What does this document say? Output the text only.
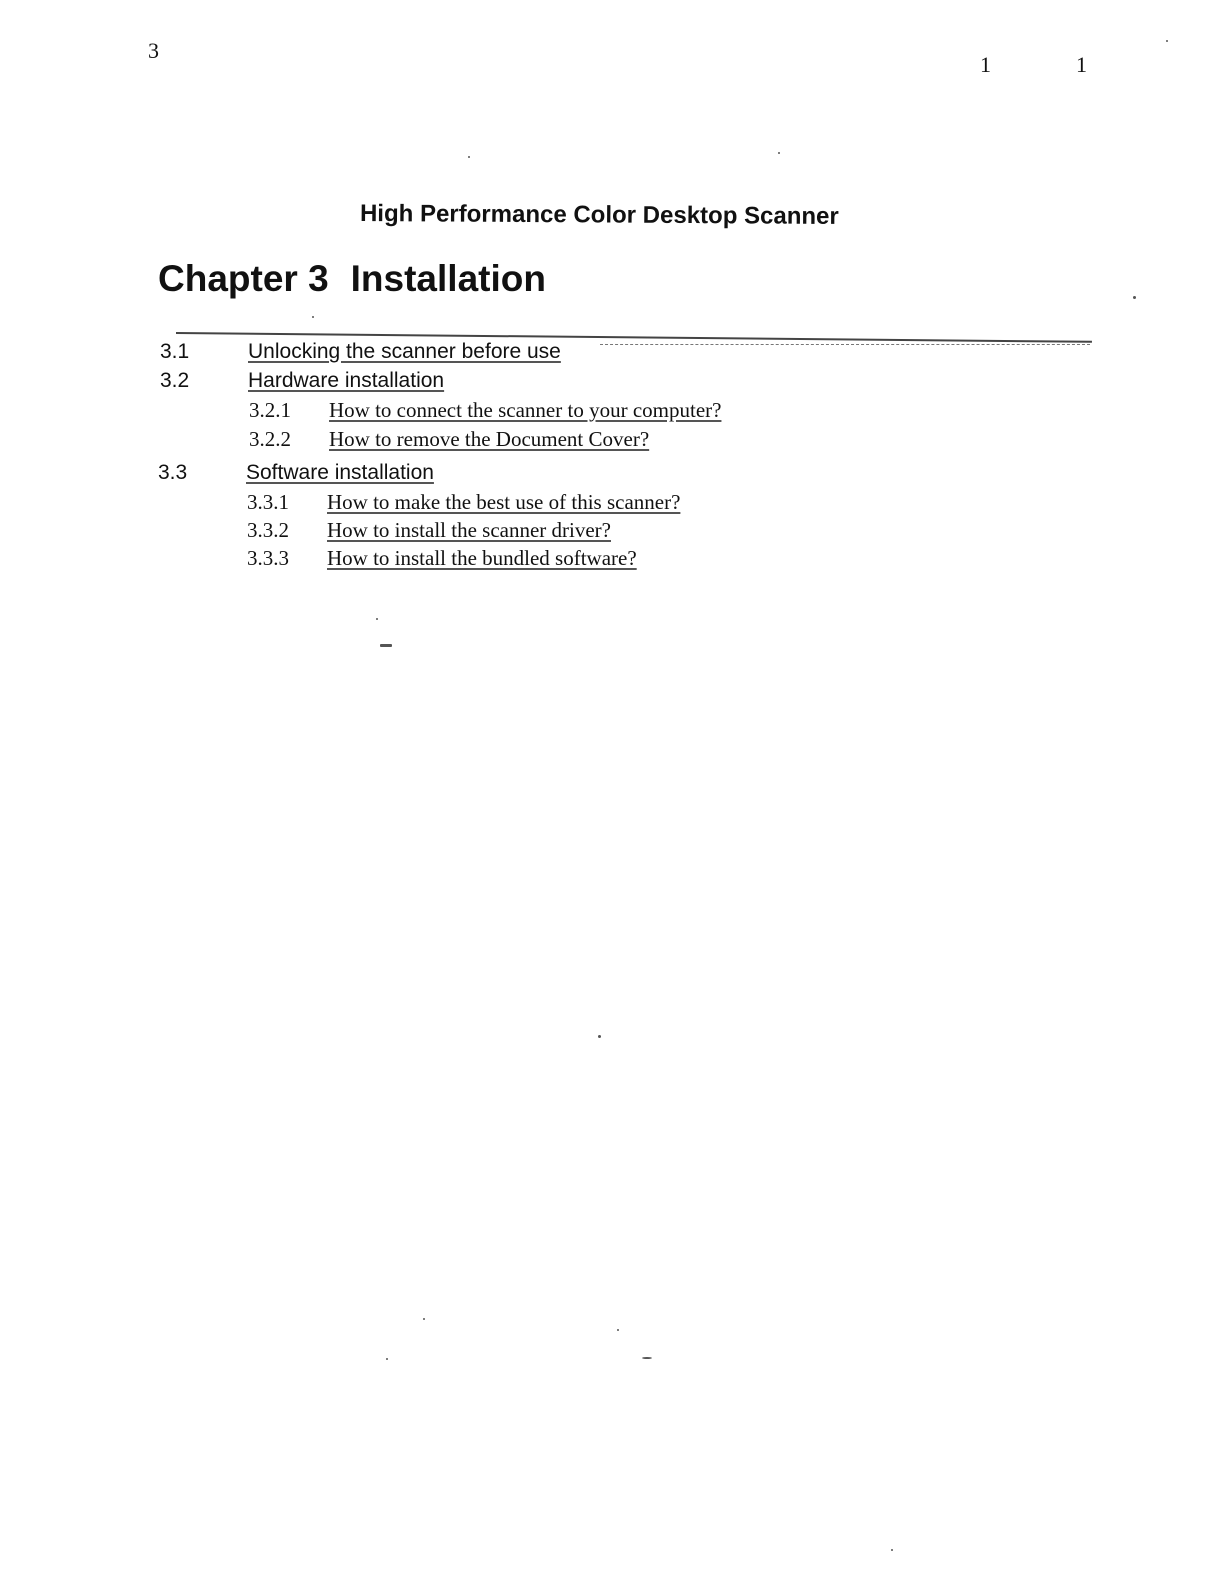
3
1	1
High Performance Color Desktop Scanner
Chapter 3 Installation
3.1	Unlocking the scanner before use
3.2	Hardware installation
3.2.1 How to connect the scanner to your computer?
3.2.2 How to remove the Document Cover?
3.3	Software installation
3.3.1 How to make the best use of this scanner?
3.3.2 How to install the scanner driver?
3.3.3 How to install the bundled software?
